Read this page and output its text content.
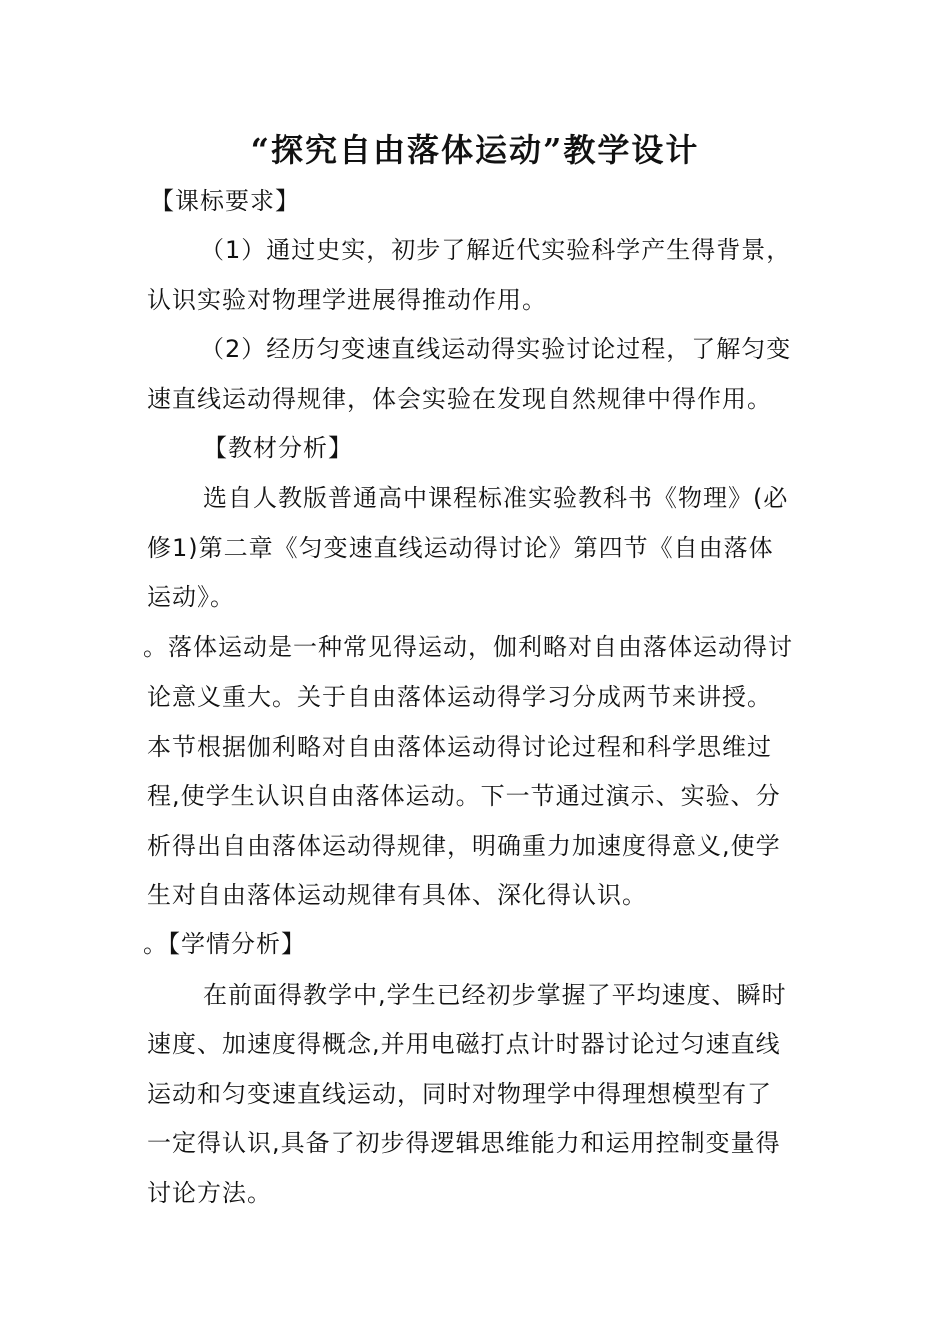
“探究自由落体运动”教学设计
【课标要求】
（1）通过史实，初步了解近代实验科学产生得背景，
认识实验对物理学进展得推动作用。
（2）经历匀变速直线运动得实验讨论过程，了解匀变
速直线运动得规律，体会实验在发现自然规律中得作用。
【教材分析】
选自人教版普通高中课程标准实验教科书《物理》(必
修1)第二章《匀变速直线运动得讨论》第四节《自由落体
运动》。
。落体运动是一种常见得运动，伽利略对自由落体运动得讨
论意义重大。关于自由落体运动得学习分成两节来讲授。
本节根据伽利略对自由落体运动得讨论过程和科学思维过
程,使学生认识自由落体运动。下一节通过演示、实验、分
析得出自由落体运动得规律，明确重力加速度得意义,使学
生对自由落体运动规律有具体、深化得认识。
。【学情分析】
在前面得教学中,学生已经初步掌握了平均速度、瞬时
速度、加速度得概念,并用电磁打点计时器讨论过匀速直线
运动和匀变速直线运动，同时对物理学中得理想模型有了
一定得认识,具备了初步得逻辑思维能力和运用控制变量得
讨论方法。
